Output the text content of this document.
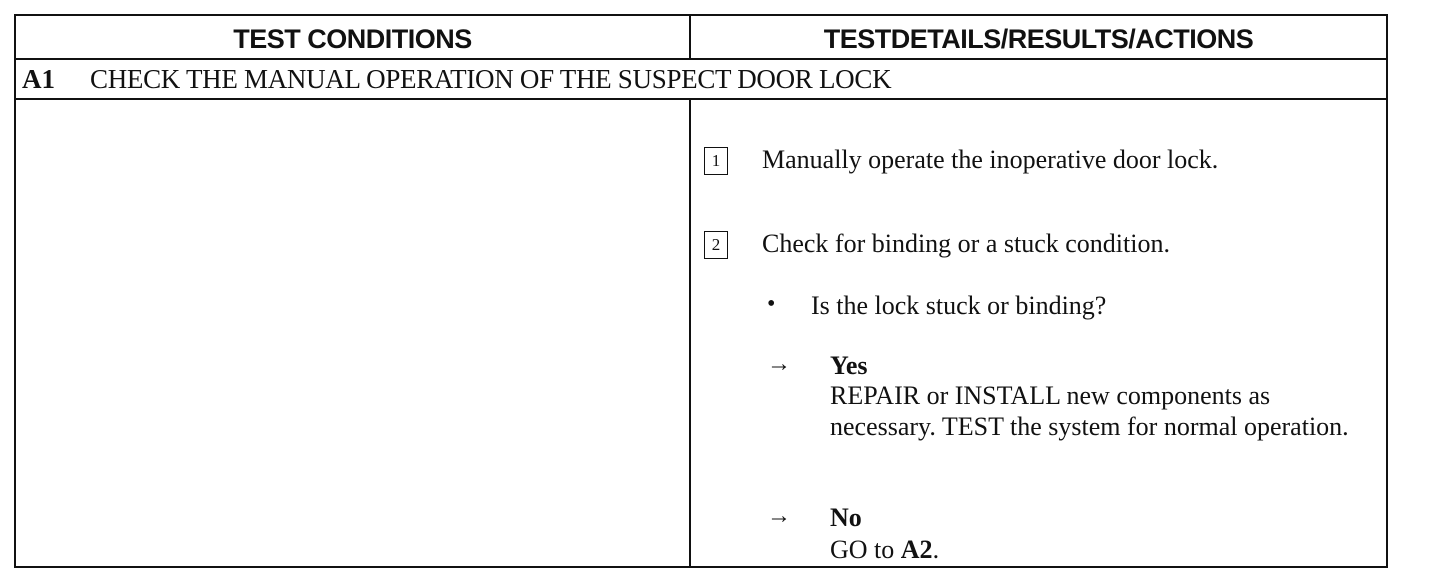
TEST CONDITIONS	TESTDETAILS/RESULTS/ACTIONS
A1 CHECK THE MANUAL OPERATION OF THE SUSPECT DOOR LOCK
1 Manually operate the inoperative door lock.
2 Check for binding or a stuck condition.
• Is the lock stuck or binding?
→ Yes
REPAIR or INSTALL new components as necessary. TEST the system for normal operation.
→ No
GO to A2.
